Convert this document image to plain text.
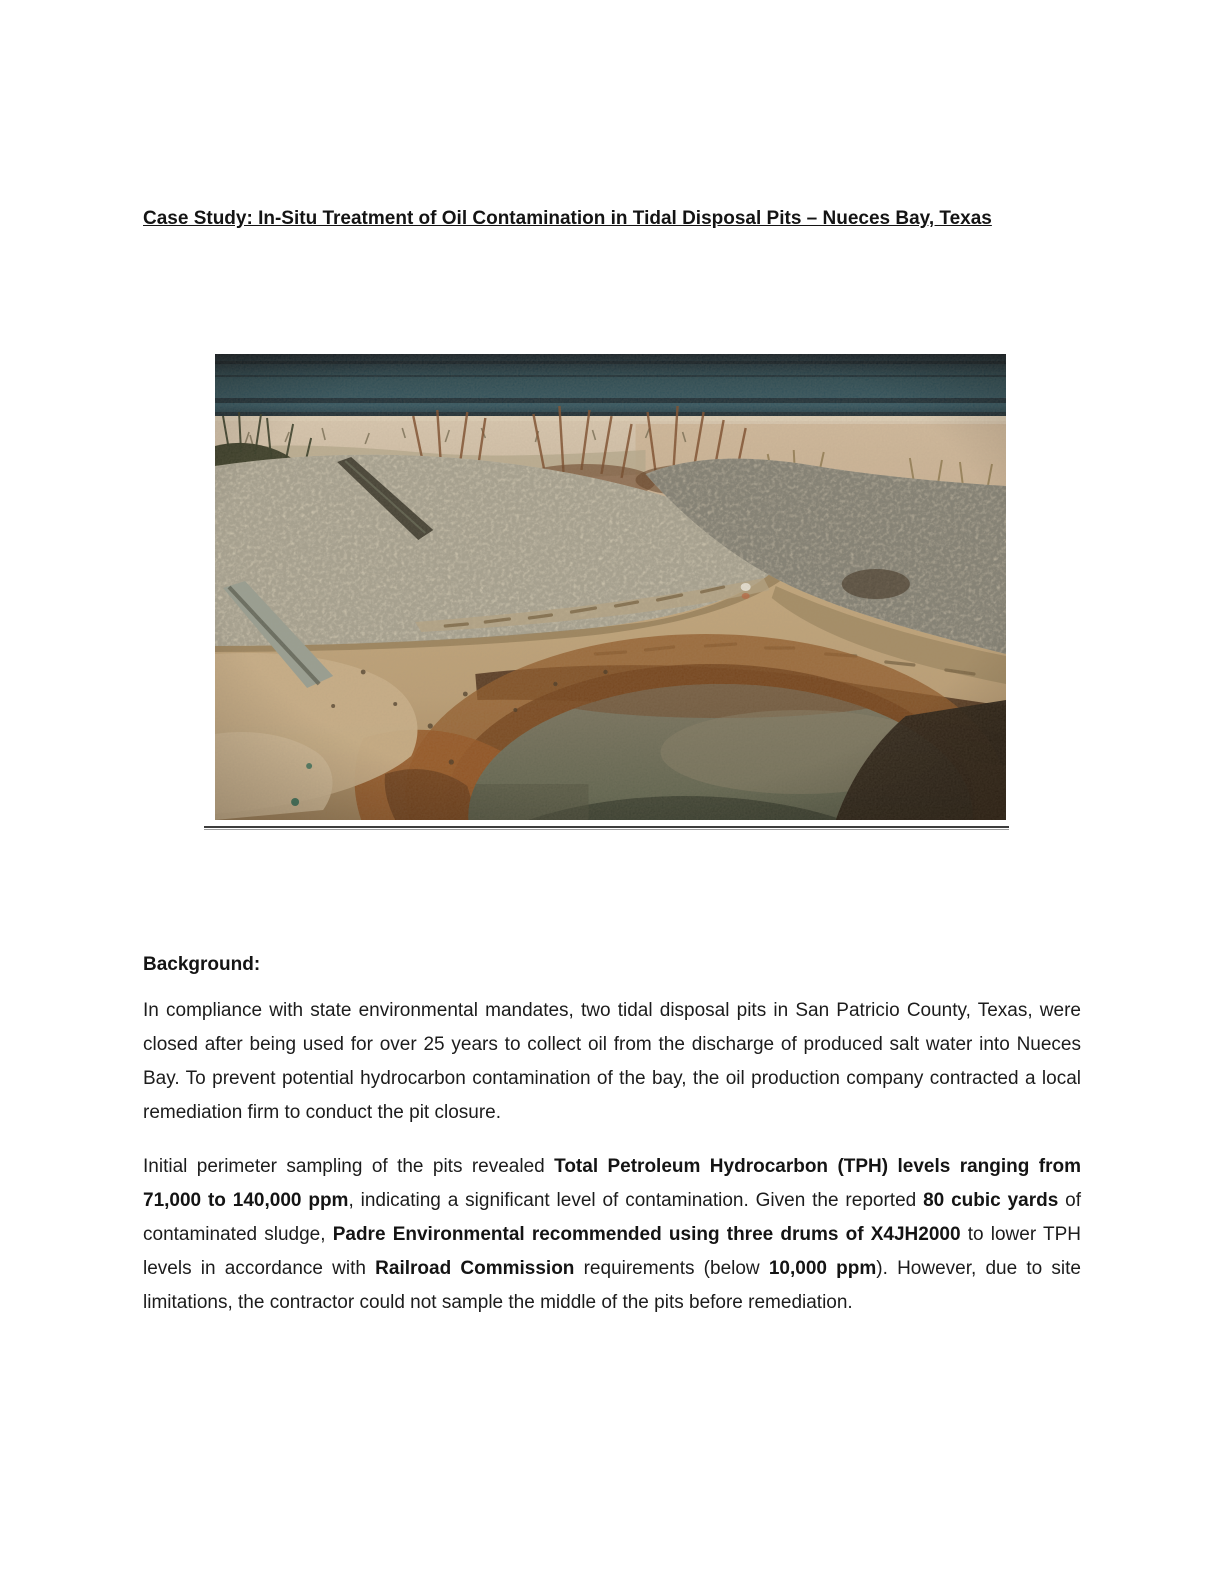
Case Study: In-Situ Treatment of Oil Contamination in Tidal Disposal Pits – Nueces Bay, Texas
Background:

In compliance with state environmental mandates, two tidal disposal pits in San Patricio County, Texas, were closed after being used for over 25 years to collect oil from the discharge of produced salt water into Nueces Bay. To prevent potential hydrocarbon contamination of the bay, the oil production company contracted a local remediation firm to conduct the pit closure.

Initial perimeter sampling of the pits revealed Total Petroleum Hydrocarbon (TPH) levels ranging from 71,000 to 140,000 ppm, indicating a significant level of contamination. Given the reported 80 cubic yards of contaminated sludge, Padre Environmental recommended using three drums of X4JH2000 to lower TPH levels in accordance with Railroad Commission requirements (below 10,000 ppm). However, due to site limitations, the contractor could not sample the middle of the pits before remediation.
